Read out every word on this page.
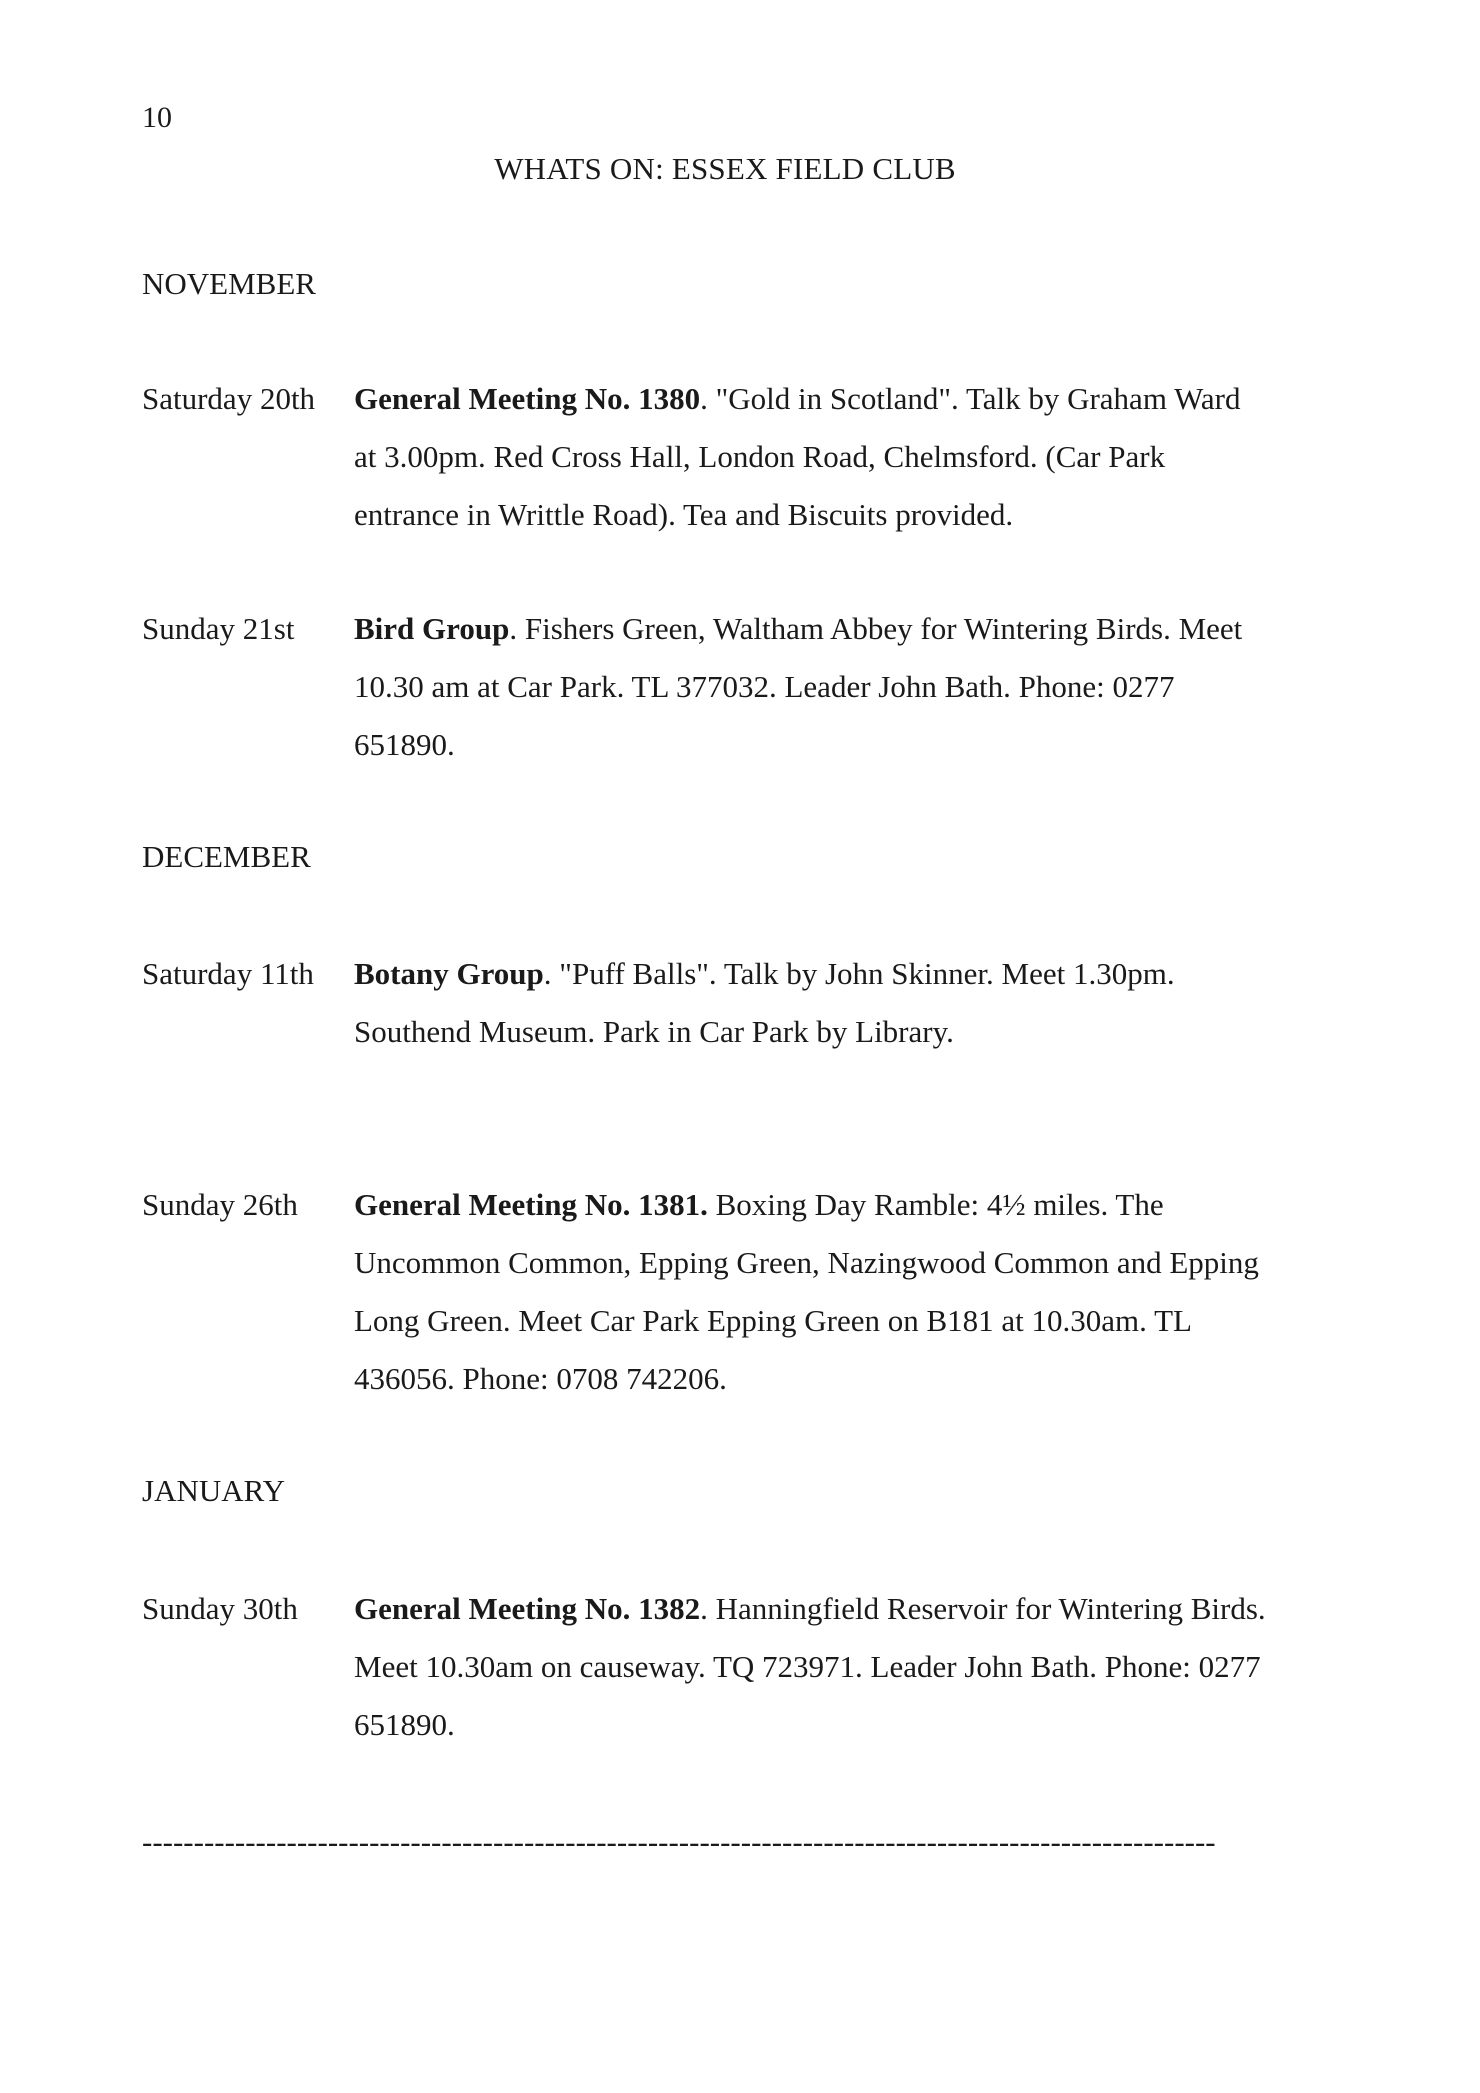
10
WHATS ON: ESSEX FIELD CLUB
NOVEMBER
Saturday 20th General Meeting No. 1380. "Gold in Scotland". Talk by Graham Ward
at 3.00pm. Red Cross Hall, London Road, Chelmsford. (Car Park
entrance in Writtle Road). Tea and Biscuits provided.
Sunday 21st Bird Group. Fishers Green, Waltham Abbey for Wintering Birds. Meet
10.30 am at Car Park. TL 377032. Leader John Bath. Phone: 0277
651890.
DECEMBER
Saturday 11th Botany Group. "Puff Balls". Talk by John Skinner. Meet 1.30pm.
Southend Museum. Park in Car Park by Library.
Sunday 26th General Meeting No. 1381. Boxing Day Ramble: 4½ miles. The
Uncommon Common, Epping Green, Nazingwood Common and Epping
Long Green. Meet Car Park Epping Green on B181 at 10.30am. TL
436056. Phone: 0708 742206.
JANUARY
Sunday 30th General Meeting No. 1382. Hanningfield Reservoir for Wintering Birds.
Meet 10.30am on causeway. TQ 723971. Leader John Bath. Phone: 0277
651890.
--------------------------------------------------------------------------------------------------------
